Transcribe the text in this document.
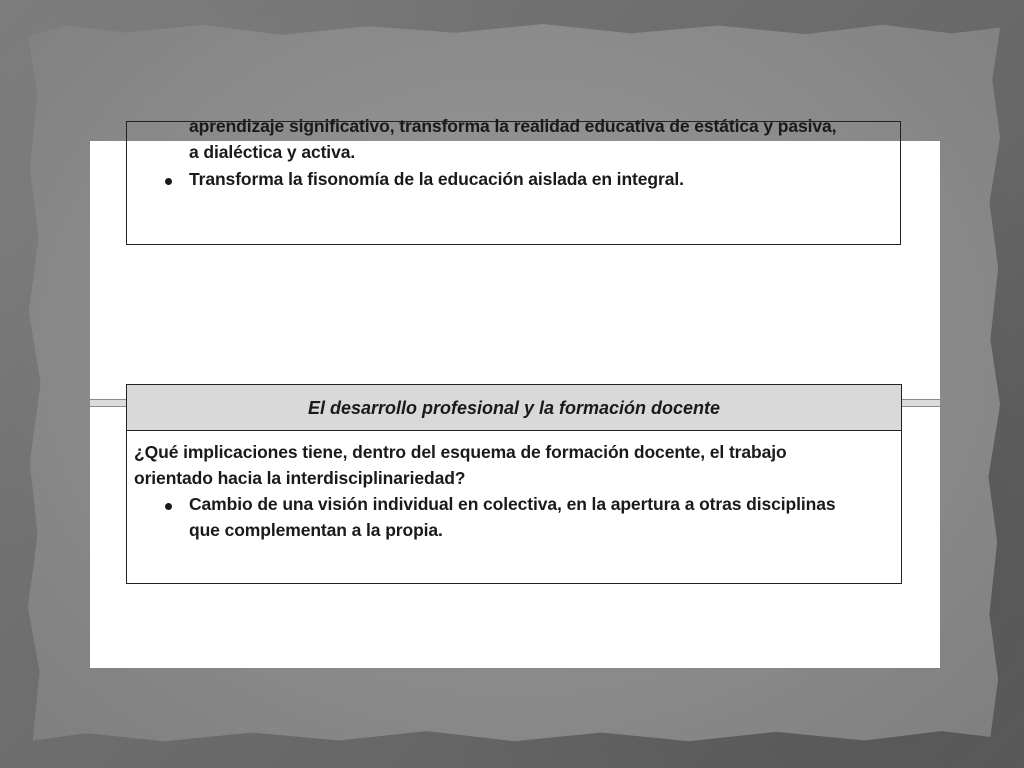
aprendizaje significativo, transforma la realidad educativa de estática y pasiva,
a dialéctica y activa.
Transforma la fisonomía de la educación aislada en integral.
El desarrollo profesional y la formación docente
¿Qué implicaciones tiene, dentro del esquema de formación docente, el trabajo
orientado hacia la interdisciplinariedad?
Cambio de una visión individual en colectiva, en la apertura a otras disciplinas
que complementan a la propia.
